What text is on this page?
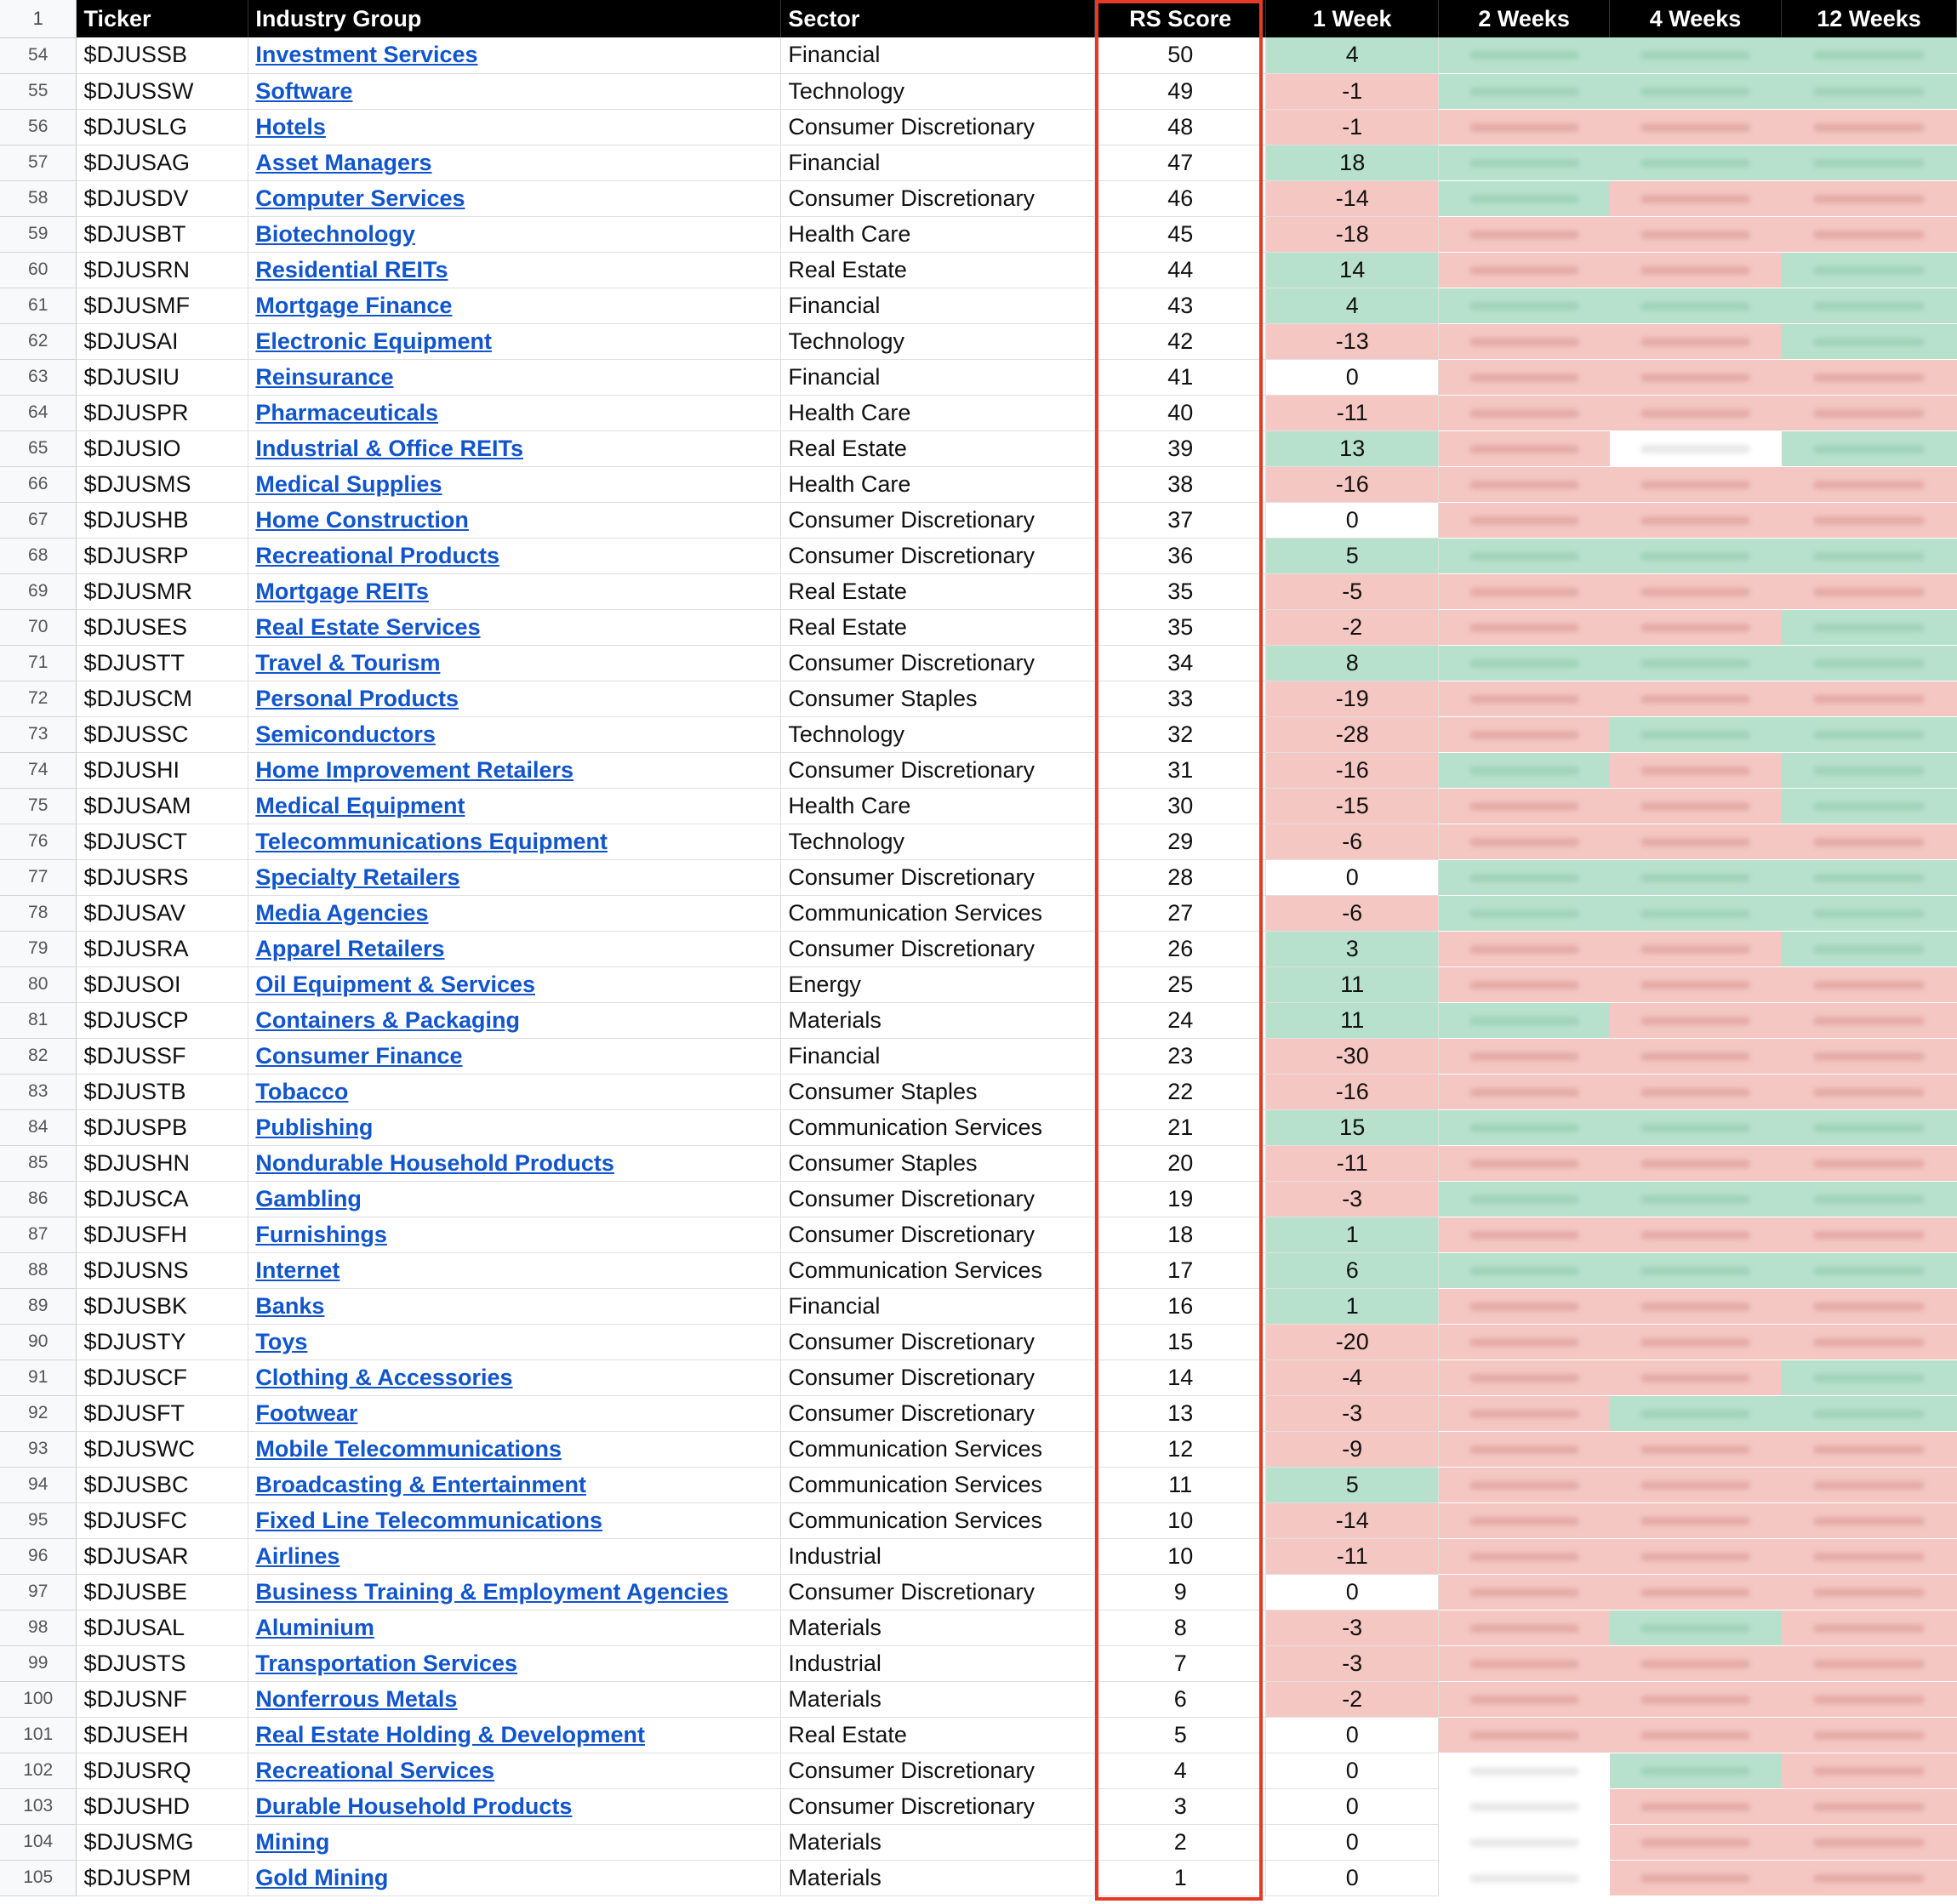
1	Ticker	Industry Group	Sector	RS Score	1 Week	2 Weeks	4 Weeks	12 Weeks
54	$DJUSSB	Investment Services	Financial	50	4	

55	$DJUSSW	Software	Technology	49	-1	

56	$DJUSLG	Hotels	Consumer Discretionary	48	-1	

57	$DJUSAG	Asset Managers	Financial	47	18	

58	$DJUSDV	Computer Services	Consumer Discretionary	46	-14	

59	$DJUSBT	Biotechnology	Health Care	45	-18	

60	$DJUSRN	Residential REITs	Real Estate	44	14	

61	$DJUSMF	Mortgage Finance	Financial	43	4	

62	$DJUSAI	Electronic Equipment	Technology	42	-13	

63	$DJUSIU	Reinsurance	Financial	41	0	

64	$DJUSPR	Pharmaceuticals	Health Care	40	-11	

65	$DJUSIO	Industrial & Office REITs	Real Estate	39	13	

66	$DJUSMS	Medical Supplies	Health Care	38	-16	

67	$DJUSHB	Home Construction	Consumer Discretionary	37	0	

68	$DJUSRP	Recreational Products	Consumer Discretionary	36	5	

69	$DJUSMR	Mortgage REITs	Real Estate	35	-5	

70	$DJUSES	Real Estate Services	Real Estate	35	-2	

71	$DJUSTT	Travel & Tourism	Consumer Discretionary	34	8	

72	$DJUSCM	Personal Products	Consumer Staples	33	-19	

73	$DJUSSC	Semiconductors	Technology	32	-28	

74	$DJUSHI	Home Improvement Retailers	Consumer Discretionary	31	-16	

75	$DJUSAM	Medical Equipment	Health Care	30	-15	

76	$DJUSCT	Telecommunications Equipment	Technology	29	-6	

77	$DJUSRS	Specialty Retailers	Consumer Discretionary	28	0	

78	$DJUSAV	Media Agencies	Communication Services	27	-6	

79	$DJUSRA	Apparel Retailers	Consumer Discretionary	26	3	

80	$DJUSOI	Oil Equipment & Services	Energy	25	11	

81	$DJUSCP	Containers & Packaging	Materials	24	11	

82	$DJUSSF	Consumer Finance	Financial	23	-30	

83	$DJUSTB	Tobacco	Consumer Staples	22	-16	

84	$DJUSPB	Publishing	Communication Services	21	15	

85	$DJUSHN	Nondurable Household Products	Consumer Staples	20	-11	

86	$DJUSCA	Gambling	Consumer Discretionary	19	-3	

87	$DJUSFH	Furnishings	Consumer Discretionary	18	1	

88	$DJUSNS	Internet	Communication Services	17	6	

89	$DJUSBK	Banks	Financial	16	1	

90	$DJUSTY	Toys	Consumer Discretionary	15	-20	

91	$DJUSCF	Clothing & Accessories	Consumer Discretionary	14	-4	

92	$DJUSFT	Footwear	Consumer Discretionary	13	-3	

93	$DJUSWC	Mobile Telecommunications	Communication Services	12	-9	

94	$DJUSBC	Broadcasting & Entertainment	Communication Services	11	5	

95	$DJUSFC	Fixed Line Telecommunications	Communication Services	10	-14	

96	$DJUSAR	Airlines	Industrial	10	-11	

97	$DJUSBE	Business Training & Employment Agencies	Consumer Discretionary	9	0	

98	$DJUSAL	Aluminium	Materials	8	-3	

99	$DJUSTS	Transportation Services	Industrial	7	-3	

100	$DJUSNF	Nonferrous Metals	Materials	6	-2	

101	$DJUSEH	Real Estate Holding & Development	Real Estate	5	0	

102	$DJUSRQ	Recreational Services	Consumer Discretionary	4	0	

103	$DJUSHD	Durable Household Products	Consumer Discretionary	3	0	

104	$DJUSMG	Mining	Materials	2	0	

105	$DJUSPM	Gold Mining	Materials	1	0	
